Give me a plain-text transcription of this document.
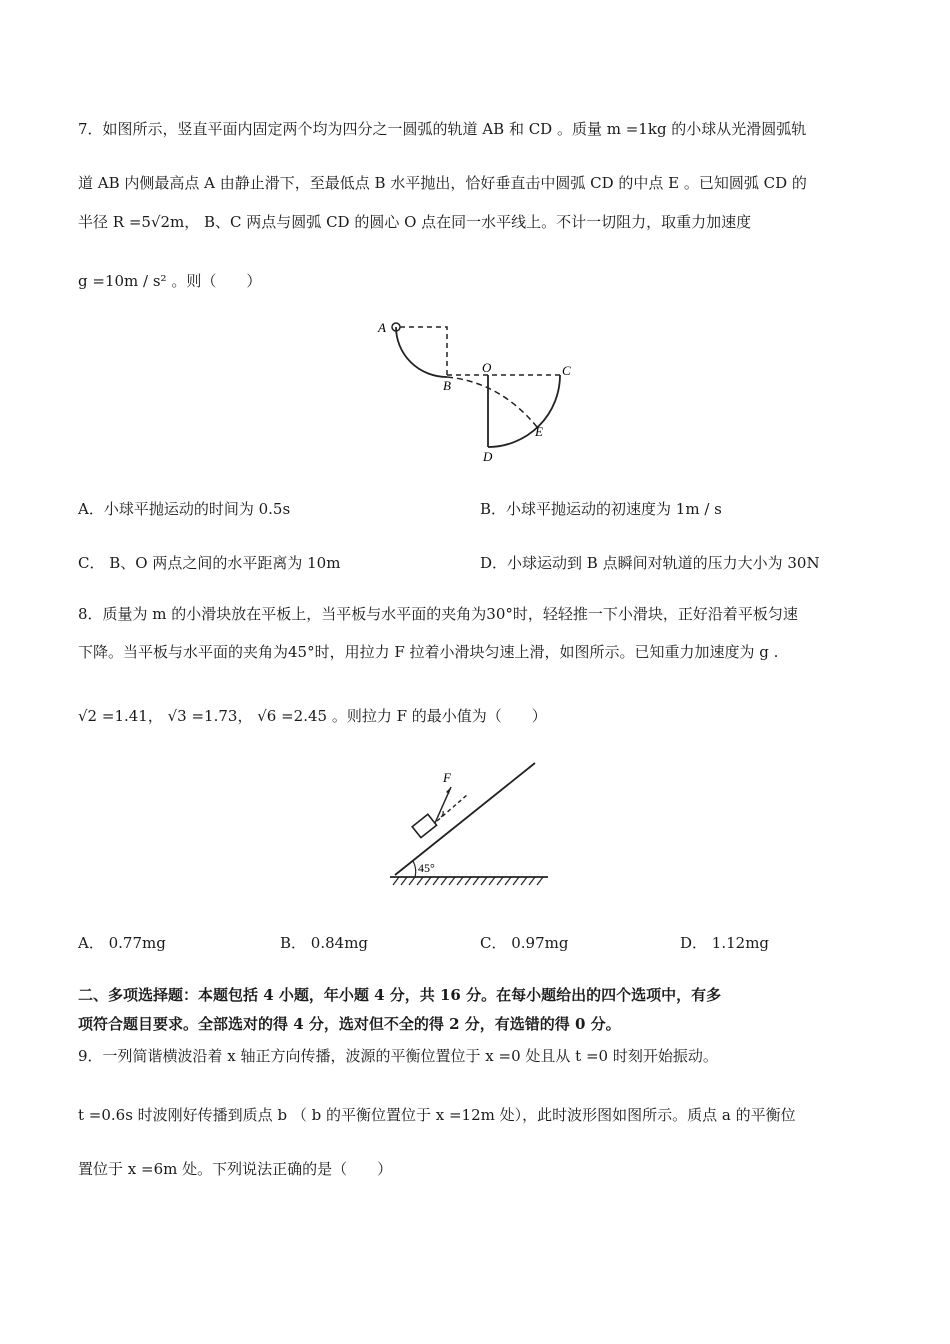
7．如图所示，竖直平面内固定两个均为四分之一圆弧的轨道 AB 和 CD 。质量 m =1kg 的小球从光滑圆弧轨
道 AB 内侧最高点 A 由静止滑下，至最低点 B 水平抛出，恰好垂直击中圆弧 CD 的中点 E 。已知圆弧 CD 的
半径 R =5√2m， B、C 两点与圆弧 CD 的圆心 O 点在同一水平线上。不计一切阻力，取重力加速度
g =10m / s² 。则（　　）
A
B
O	C
E
D
A．小球平抛运动的时间为 0.5s	B．小球平抛运动的初速度为 1m / s
C． B、O 两点之间的水平距离为 10m	D．小球运动到 B 点瞬间对轨道的压力大小为 30N
8．质量为 m 的小滑块放在平板上，当平板与水平面的夹角为30°时，轻轻推一下小滑块，正好沿着平板匀速
下降。当平板与水平面的夹角为45°时，用拉力 F 拉着小滑块匀速上滑，如图所示。已知重力加速度为 g .
√2 =1.41， √3 =1.73， √6 =2.45 。则拉力 F 的最小值为（　　）
F
45°
A． 0.77mg	B． 0.84mg	C． 0.97mg	D． 1.12mg
二、多项选择题：本题包括 4 小题，年小题 4 分，共 16 分。在每小题给出的四个选项中，有多
项符合题目要求。全部选对的得 4 分，选对但不全的得 2 分，有选错的得 0 分。
9．一列简谐横波沿着 x 轴正方向传播，波源的平衡位置位于 x =0 处且从 t =0 时刻开始振动。
t =0.6s 时波刚好传播到质点 b （ b 的平衡位置位于 x =12m 处），此时波形图如图所示。质点 a 的平衡位
置位于 x =6m 处。下列说法正确的是（　　）
